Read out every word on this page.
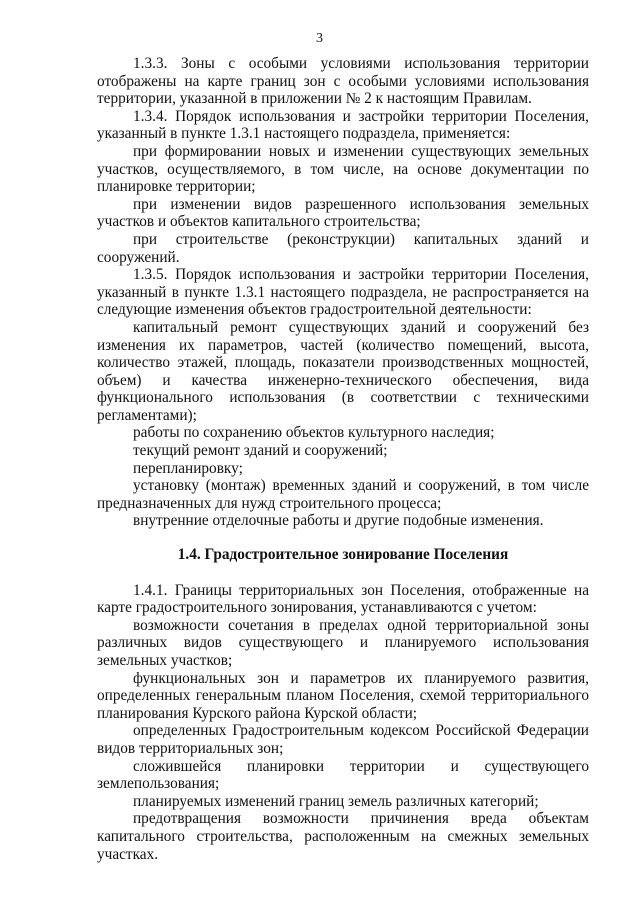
3

1.3.3. Зоны с особыми условиями использования территории отображены на карте границ зон с особыми условиями использования территории, указанной в приложении № 2 к настоящим Правилам.

1.3.4. Порядок использования и застройки территории Поселения, указанный в пункте 1.3.1 настоящего подраздела, применяется:

при формировании новых и изменении существующих земельных участков, осуществляемого, в том числе, на основе документации по планировке территории;

при изменении видов разрешенного использования земельных участков и объектов капитального строительства;

при строительстве (реконструкции) капитальных зданий и сооружений.

1.3.5. Порядок использования и застройки территории Поселения, указанный в пункте 1.3.1 настоящего подраздела, не распространяется на следующие изменения объектов градостроительной деятельности:

капитальный ремонт существующих зданий и сооружений без изменения их параметров, частей (количество помещений, высота, количество этажей, площадь, показатели производственных мощностей, объем) и качества инженерно-технического обеспечения, вида функционального использования (в соответствии с техническими регламентами);

работы по сохранению объектов культурного наследия;

текущий ремонт зданий и сооружений;

перепланировку;

установку (монтаж) временных зданий и сооружений, в том числе предназначенных для нужд строительного процесса;

внутренние отделочные работы и другие подобные изменения.

1.4. Градостроительное зонирование Поселения

1.4.1. Границы территориальных зон Поселения, отображенные на карте градостроительного зонирования, устанавливаются с учетом:

возможности сочетания в пределах одной территориальной зоны различных видов существующего и планируемого использования земельных участков;

функциональных зон и параметров их планируемого развития, определенных генеральным планом Поселения, схемой территориального планирования Курского района Курской области;

определенных Градостроительным кодексом Российской Федерации видов территориальных зон;

сложившейся планировки территории и существующего землепользования;

планируемых изменений границ земель различных категорий;

предотвращения возможности причинения вреда объектам капитального строительства, расположенным на смежных земельных участках.
